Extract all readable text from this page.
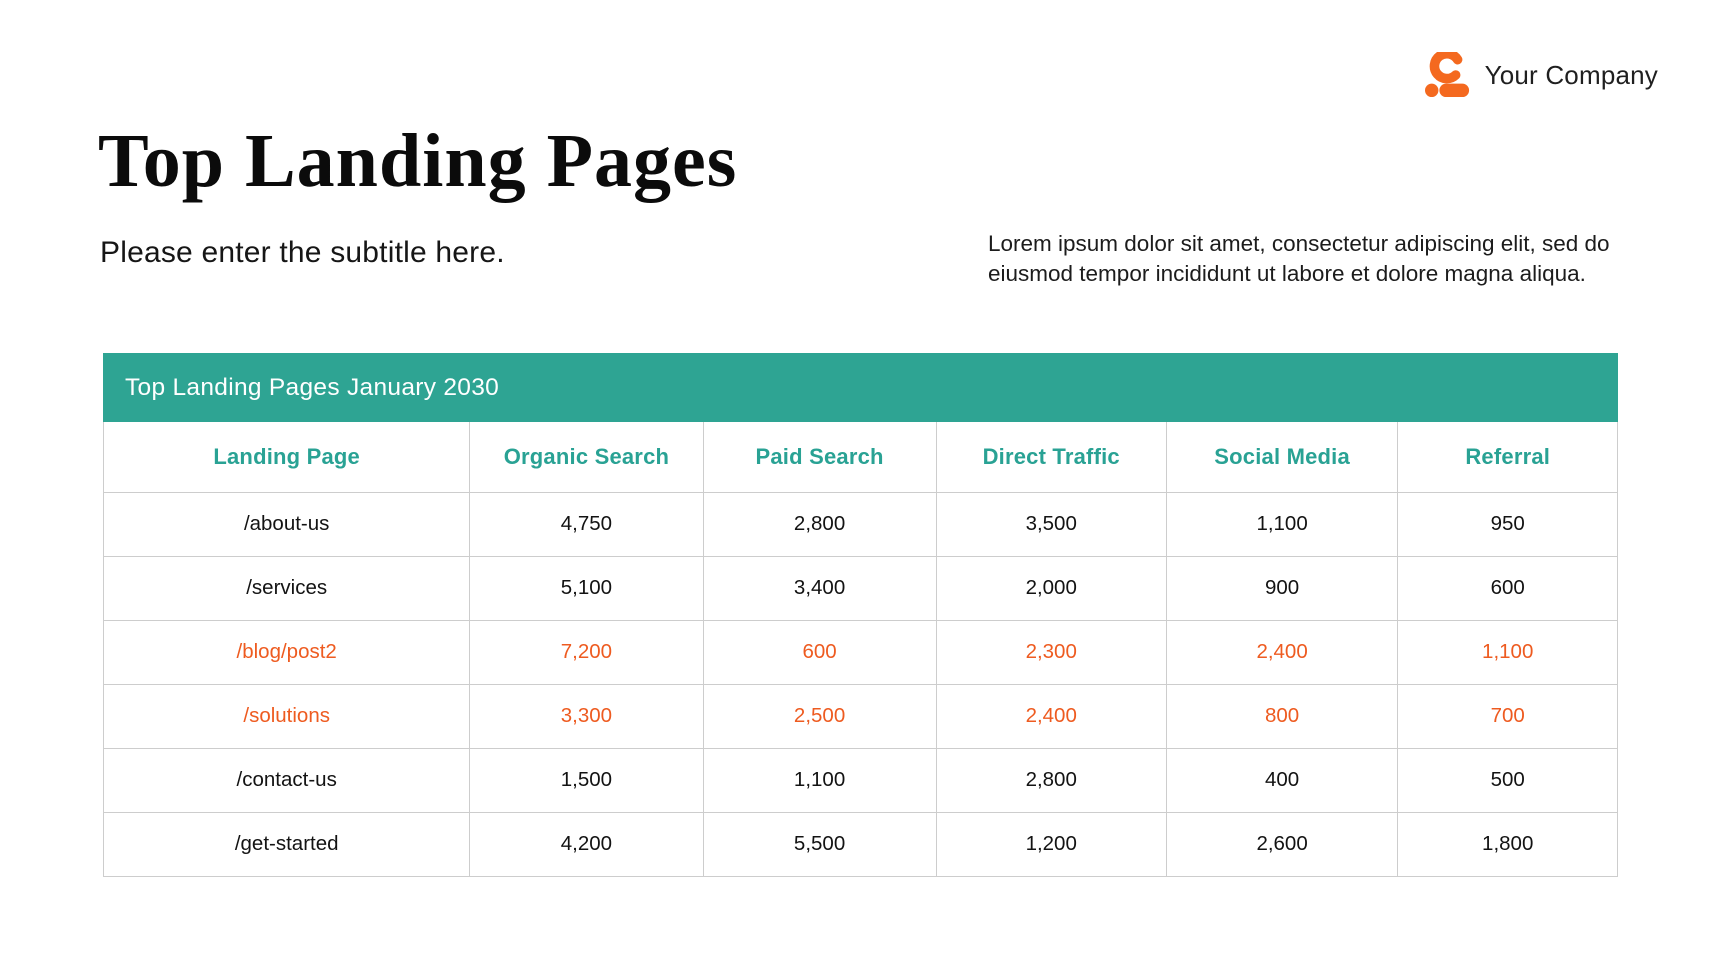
Your Company
Top Landing Pages
Please enter the subtitle here.	Lorem ipsum dolor sit amet, consectetur adipiscing elit, sed do eiusmod tempor incididunt ut labore et dolore magna aliqua.

Top Landing Pages January 2030
Landing Page	Organic Search	Paid Search	Direct Traffic	Social Media	Referral
/about-us	4,750	2,800	3,500	1,100	950
/services	5,100	3,400	2,000	900	600
/blog/post2	7,200	600	2,300	2,400	1,100
/solutions	3,300	2,500	2,400	800	700
/contact-us	1,500	1,100	2,800	400	500
/get-started	4,200	5,500	1,200	2,600	1,800
